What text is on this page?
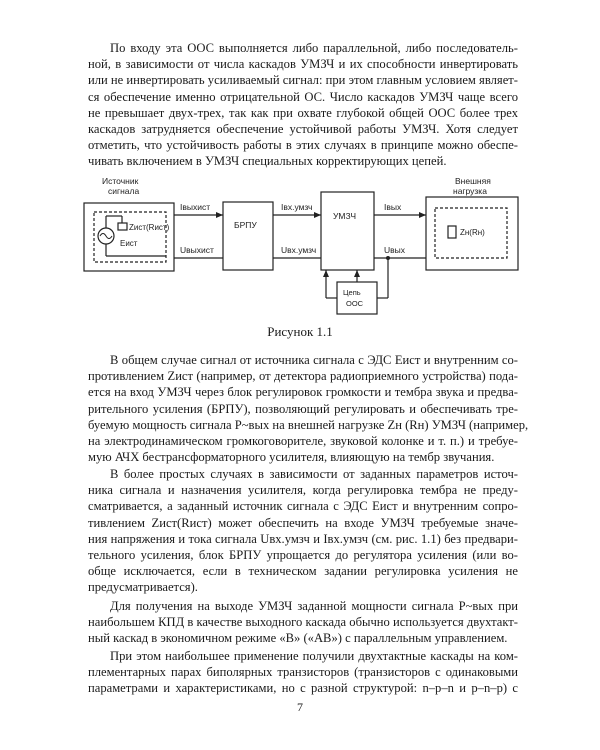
По входу эта ООС выполняется либо параллельной, либо последователь-
ной, в зависимости от числа каскадов УМЗЧ и их способности инвертировать
или не инвертировать усиливаемый сигнал: при этом главным условием являет-
ся обеспечение именно отрицательной ОС. Число каскадов УМЗЧ чаще всего
не превышает двух-трех, так как при охвате глубокой общей ООС более трех
каскадов затрудняется обеспечение устойчивой работы УМЗЧ. Хотя следует
отметить, что устойчивость работы в этих случаях в принципе можно обеспе-
чивать включением в УМЗЧ специальных корректирующих цепей.

Источник
сигнала
Zист(Rист)
Eист
Iвыхист
Uвыхист
БРПУ
Iвх.умзч
Uвх.умзч
УМЗЧ
Iвых
Uвых
Внешняя
нагрузка
Zн(Rн)
Цепь
ООС
Рисунок 1.1

В общем случае сигнал от источника сигнала с ЭДС Eист и внутренним со-
противлением Zист (например, от детектора радиоприемного устройства) пода-
ется на вход УМЗЧ через блок регулировок громкости и тембра звука и предва-
рительного усиления (БРПУ), позволяющий регулировать и обеспечивать тре-
буемую мощность сигнала P~вых на внешней нагрузке Zн (Rн) УМЗЧ (например,
на электродинамическом громкоговорителе, звуковой колонке и т. п.) и требуе-
мую АЧХ бестрансформаторного усилителя, влияющую на тембр звучания.

В более простых случаях в зависимости от заданных параметров источ-
ника сигнала и назначения усилителя, когда регулировка тембра не преду-
сматривается, а заданный источник сигнала с ЭДС Eист и внутренним сопро-
тивлением Zист(Rист) может обеспечить на входе УМЗЧ требуемые значе-
ния напряжения и тока сигнала Uвх.умзч и Iвх.умзч (см. рис. 1.1) без предвари-
тельного усиления, блок БРПУ упрощается до регулятора усиления (или во-
обще исключается, если в техническом задании регулировка усиления не
предусматривается).

Для получения на выходе УМЗЧ заданной мощности сигнала P~вых при
наибольшем КПД в качестве выходного каскада обычно используется двухтакт-
ный каскад в экономичном режиме «В» («АВ») с параллельным управлением.

При этом наибольшее применение получили двухтактные каскады на ком-
плементарных парах биполярных транзисторов (транзисторов с одинаковыми
параметрами и характеристиками, но с разной структурой: n–p–n и p–n–p) с

7
